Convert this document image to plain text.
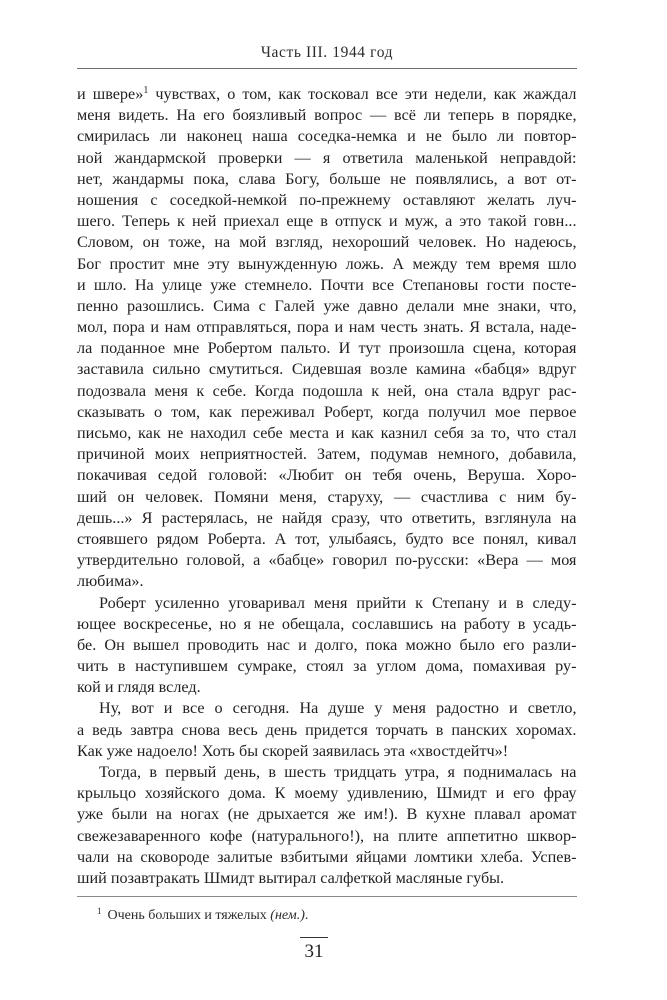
Часть III. 1944 год

и швере»$^1$ чувствах, о том, как тосковал все эти недели, как жаждал
меня видеть. На его боязливый вопрос — всё ли теперь в порядке,
смирилась ли наконец наша соседка-немка и не было ли повтор-
ной жандармской проверки — я ответила маленькой неправдой:
нет, жандармы пока, слава Богу, больше не появлялись, а вот от-
ношения с соседкой-немкой по-прежнему оставляют желать луч-
шего. Теперь к ней приехал еще в отпуск и муж, а это такой говн...
Словом, он тоже, на мой взгляд, нехороший человек. Но надеюсь,
Бог простит мне эту вынужденную ложь. А между тем время шло
и шло. На улице уже стемнело. Почти все Степановы гости посте-
пенно разошлись. Сима с Галей уже давно делали мне знаки, что,
мол, пора и нам отправляться, пора и нам честь знать. Я встала, наде-
ла поданное мне Робертом пальто. И тут произошла сцена, которая
заставила сильно смутиться. Сидевшая возле камина «бабця» вдруг
подозвала меня к себе. Когда подошла к ней, она стала вдруг рас-
сказывать о том, как переживал Роберт, когда получил мое первое
письмо, как не находил себе места и как казнил себя за то, что стал
причиной моих неприятностей. Затем, подумав немного, добавила,
покачивая седой головой: «Любит он тебя очень, Веруша. Хоро-
ший он человек. Помяни меня, старуху, — счастлива с ним бу-
дешь...» Я растерялась, не найдя сразу, что ответить, взглянула на
стоявшего рядом Роберта. А тот, улыбаясь, будто все понял, кивал
утвердительно головой, а «бабце» говорил по-русски: «Вера — моя
любима».

Роберт усиленно уговаривал меня прийти к Степану и в следу-
ющее воскресенье, но я не обещала, сославшись на работу в усадь-
бе. Он вышел проводить нас и долго, пока можно было его разли-
чить в наступившем сумраке, стоял за углом дома, помахивая ру-
кой и глядя вслед.

Ну, вот и все о сегодня. На душе у меня радостно и светло,
а ведь завтра снова весь день придется торчать в панских хоромах.
Как уже надоело! Хоть бы скорей заявилась эта «хвостдейтч»!

Тогда, в первый день, в шесть тридцать утра, я поднималась на
крыльцо хозяйского дома. К моему удивлению, Шмидт и его фрау
уже были на ногах (не дрыхается же им!). В кухне плавал аромат
свежезаваренного кофе (натурального!), на плите аппетитно шквор-
чали на сковороде залитые взбитыми яйцами ломтики хлеба. Успев-
ший позавтракать Шмидт вытирал салфеткой масляные губы.

$^1$ Очень больших и тяжелых (нем.).
31
